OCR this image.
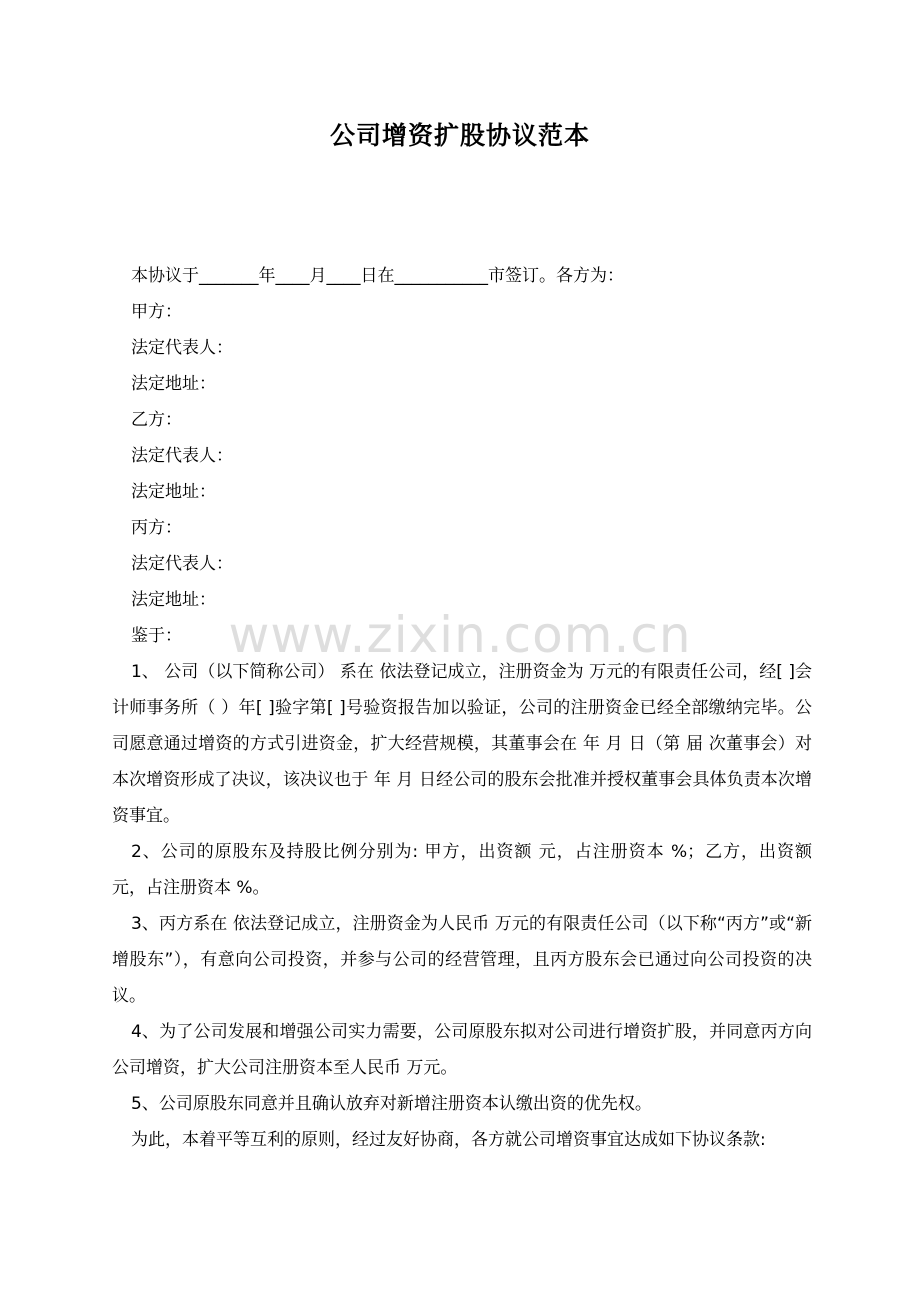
公司增资扩股协议范本
本协议于_______年____月____日在___________市签订。各方为：
甲方：
法定代表人：
法定地址：
乙方：
法定代表人：
法定地址：
丙方：
法定代表人：
法定地址：
鉴于：
1、 公司（以下简称公司） 系在 依法登记成立，注册资金为 万元的有限责任公司，经[ ]会计师事务所（ ）年[ ]验字第[ ]号验资报告加以验证，公司的注册资金已经全部缴纳完毕。公司愿意通过增资的方式引进资金，扩大经营规模，其董事会在 年 月 日（第 届 次董事会）对本次增资形成了决议，该决议也于 年 月 日经公司的股东会批准并授权董事会具体负责本次增资事宜。
2、公司的原股东及持股比例分别为: 甲方，出资额 元，占注册资本 %；乙方，出资额 元，占注册资本 %。
3、丙方系在 依法登记成立，注册资金为人民币 万元的有限责任公司（以下称“丙方”或“新增股东”），有意向公司投资，并参与公司的经营管理，且丙方股东会已通过向公司投资的决议。
4、为了公司发展和增强公司实力需要，公司原股东拟对公司进行增资扩股，并同意丙方向公司增资，扩大公司注册资本至人民币 万元。
5、公司原股东同意并且确认放弃对新增注册资本认缴出资的优先权。
为此，本着平等互利的原则，经过友好协商，各方就公司增资事宜达成如下协议条款:
www.zixin.com.cn
